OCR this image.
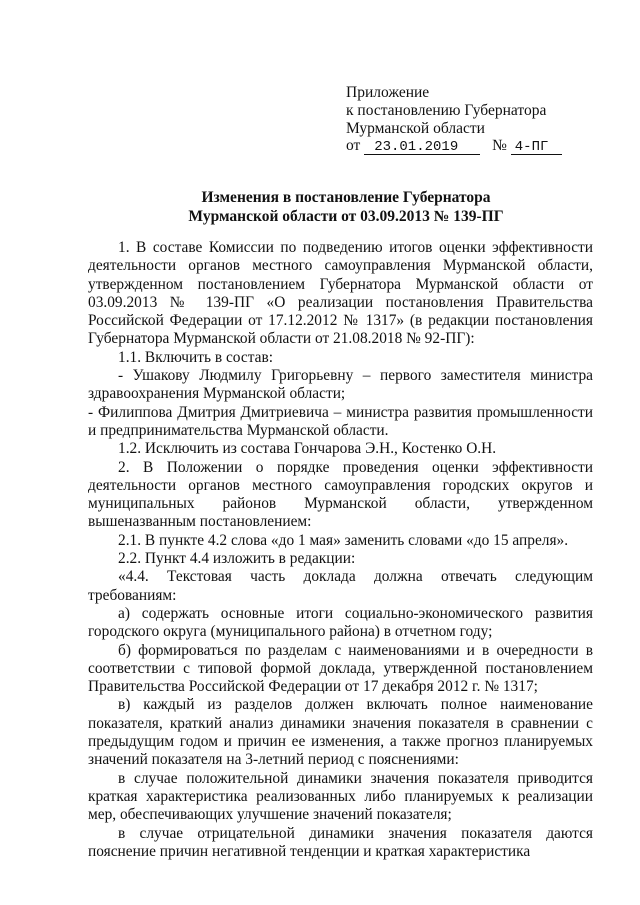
Приложение
к постановлению Губернатора
Мурманской области
от 23.01.2019 № 4-ПГ
Изменения в постановление Губернатора
Мурманской области от 03.09.2013 № 139-ПГ

1. В составе Комиссии по подведению итогов оценки эффективности деятельности органов местного самоуправления Мурманской области, утвержденном постановлением Губернатора Мурманской области от 03.09.2013 № 139-ПГ «О реализации постановления Правительства Российской Федерации от 17.12.2012 № 1317» (в редакции постановления Губернатора Мурманской области от 21.08.2018 № 92-ПГ):

1.1. Включить в состав:

- Ушакову Людмилу Григорьевну – первого заместителя министра здравоохранения Мурманской области;

- Филиппова Дмитрия Дмитриевича – министра развития промышленности и предпринимательства Мурманской области.

1.2. Исключить из состава Гончарова Э.Н., Костенко О.Н.

2. В Положении о порядке проведения оценки эффективности деятельности органов местного самоуправления городских округов и муниципальных районов Мурманской области, утвержденном вышеназванным постановлением:

2.1. В пункте 4.2 слова «до 1 мая» заменить словами «до 15 апреля».

2.2. Пункт 4.4 изложить в редакции:

«4.4. Текстовая часть доклада должна отвечать следующим требованиям:

а) содержать основные итоги социально-экономического развития городского округа (муниципального района) в отчетном году;

б) формироваться по разделам с наименованиями и в очередности в соответствии с типовой формой доклада, утвержденной постановлением Правительства Российской Федерации от 17 декабря 2012 г. № 1317;

в) каждый из разделов должен включать полное наименование показателя, краткий анализ динамики значения показателя в сравнении с предыдущим годом и причин ее изменения, а также прогноз планируемых значений показателя на 3-летний период с пояснениями:

в случае положительной динамики значения показателя приводится краткая характеристика реализованных либо планируемых к реализации мер, обеспечивающих улучшение значений показателя;

в случае отрицательной динамики значения показателя даются пояснение причин негативной тенденции и краткая характеристика
